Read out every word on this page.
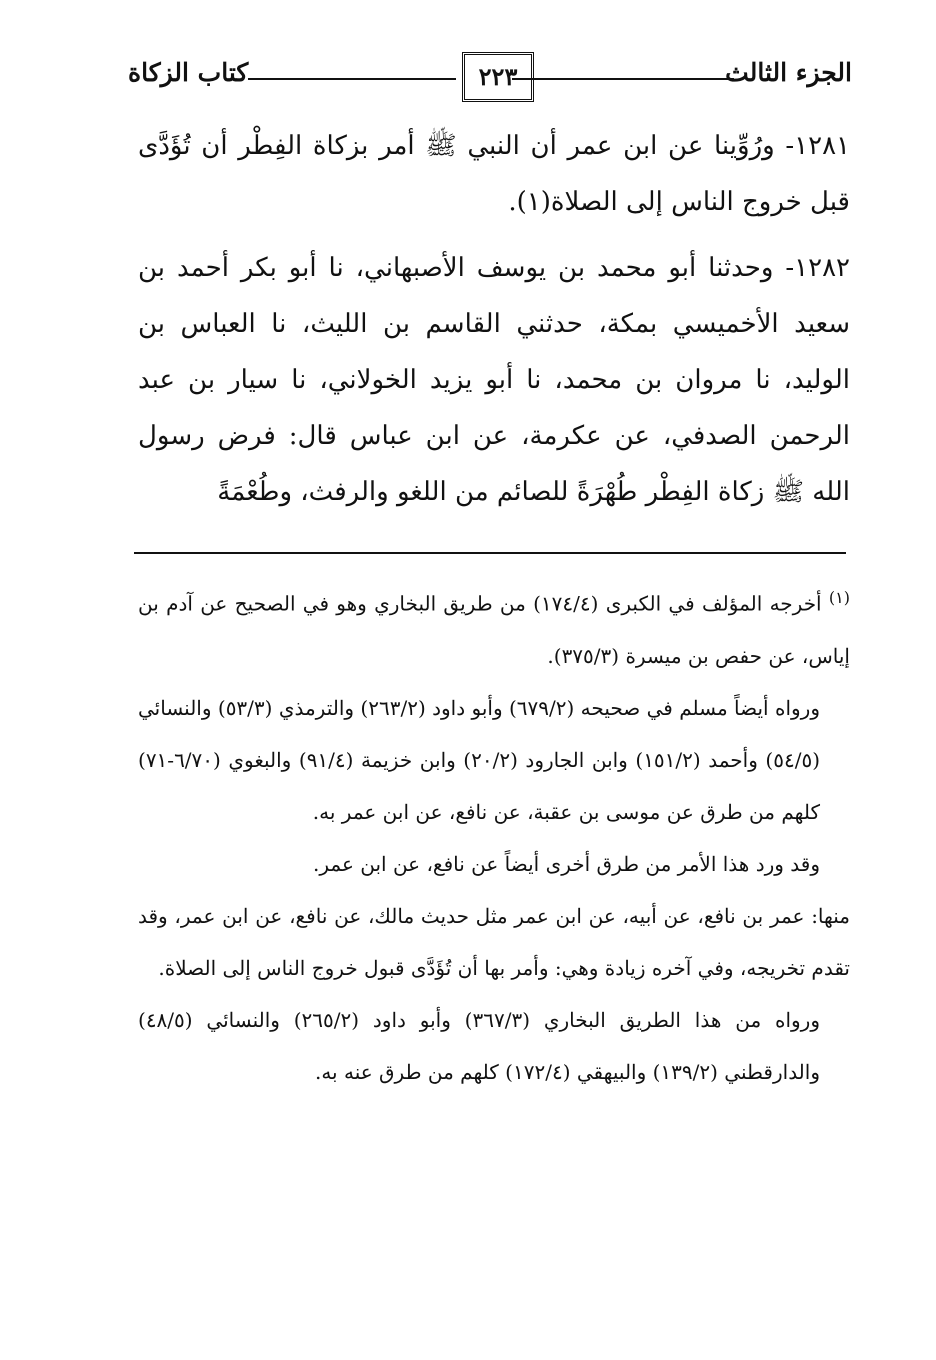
الجزء الثالث
٢٢٣
كتاب الزكاة

١٢٨١- ورُوِّينا عن ابن عمر أن النبي ﷺ أمر بزكاة الفِطْر أن تُؤَدَّى قبل خروج الناس إلى الصلاة(١).

١٢٨٢- وحدثنا أبو محمد بن يوسف الأصبهاني، نا أبو بكر أحمد بن سعيد الأخميسي بمكة، حدثني القاسم بن الليث، نا العباس بن الوليد، نا مروان بن محمد، نا أبو يزيد الخولاني، نا سيار بن عبد الرحمن الصدفي، عن عكرمة، عن ابن عباس قال: فرض رسول الله ﷺ زكاة الفِطْر طُهْرَةً للصائم من اللغو والرفث، وطُعْمَةً

$^{(١)}$ أخرجه المؤلف في الكبرى (١٧٤/٤) من طريق البخاري وهو في الصحيح عن آدم بن إياس، عن حفص بن ميسرة (٣٧٥/٣).

ورواه أيضاً مسلم في صحيحه (٦٧٩/٢) وأبو داود (٢٦٣/٢) والترمذي (٥٣/٣) والنسائي (٥٤/٥) وأحمد (١٥١/٢) وابن الجارود (٢٠/٢) وابن خزيمة (٩١/٤) والبغوي (٦/٧٠-٧١) كلهم من طرق عن موسى بن عقبة، عن نافع، عن ابن عمر به.

وقد ورد هذا الأمر من طرق أخرى أيضاً عن نافع، عن ابن عمر.

منها: عمر بن نافع، عن أبيه، عن ابن عمر مثل حديث مالك، عن نافع، عن ابن عمر، وقد تقدم تخريجه، وفي آخره زيادة وهي: وأمر بها أن تُؤَدَّى قبول خروج الناس إلى الصلاة.

ورواه من هذا الطريق البخاري (٣٦٧/٣) وأبو داود (٢٦٥/٢) والنسائي (٤٨/٥) والدارقطني (١٣٩/٢) والبيهقي (١٧٢/٤) كلهم من طرق عنه به.
